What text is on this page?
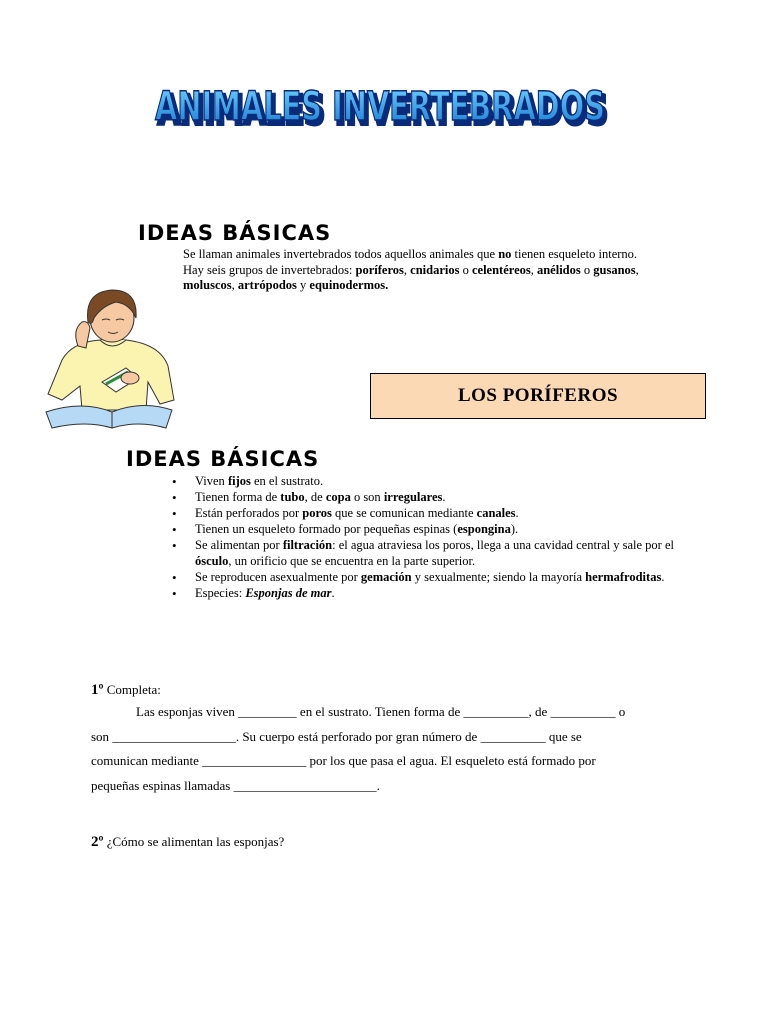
ANIMALES INVERTEBRADOS
ANIMALES INVERTEBRADOS
IDEAS BÁSICAS
Se llaman animales invertebrados todos aquellos animales que no tienen esqueleto interno.
Hay seis grupos de invertebrados: poríferos, cnidarios o celentéreos, anélidos o gusanos,
moluscos, artrópodos y equinodermos.
LOS PORÍFEROS
IDEAS BÁSICAS
• Viven fijos en el sustrato.
• Tienen forma de tubo, de copa o son irregulares.
• Están perforados por poros que se comunican mediante canales.
• Tienen un esqueleto formado por pequeñas espinas (espongina).
• Se alimentan por filtración: el agua atraviesa los poros, llega a una cavidad central y sale por el ósculo, un orificio que se encuentra en la parte superior.
• Se reproducen asexualmente por gemación y sexualmente; siendo la mayoría hermafroditas.
• Especies: Esponjas de mar.
1º Completa:
Las esponjas viven _________ en el sustrato. Tienen forma de __________, de __________ o
son ___________________. Su cuerpo está perforado por gran número de __________ que se
comunican mediante ________________ por los que pasa el agua. El esqueleto está formado por
pequeñas espinas llamadas ______________________.
2º ¿Cómo se alimentan las esponjas?
